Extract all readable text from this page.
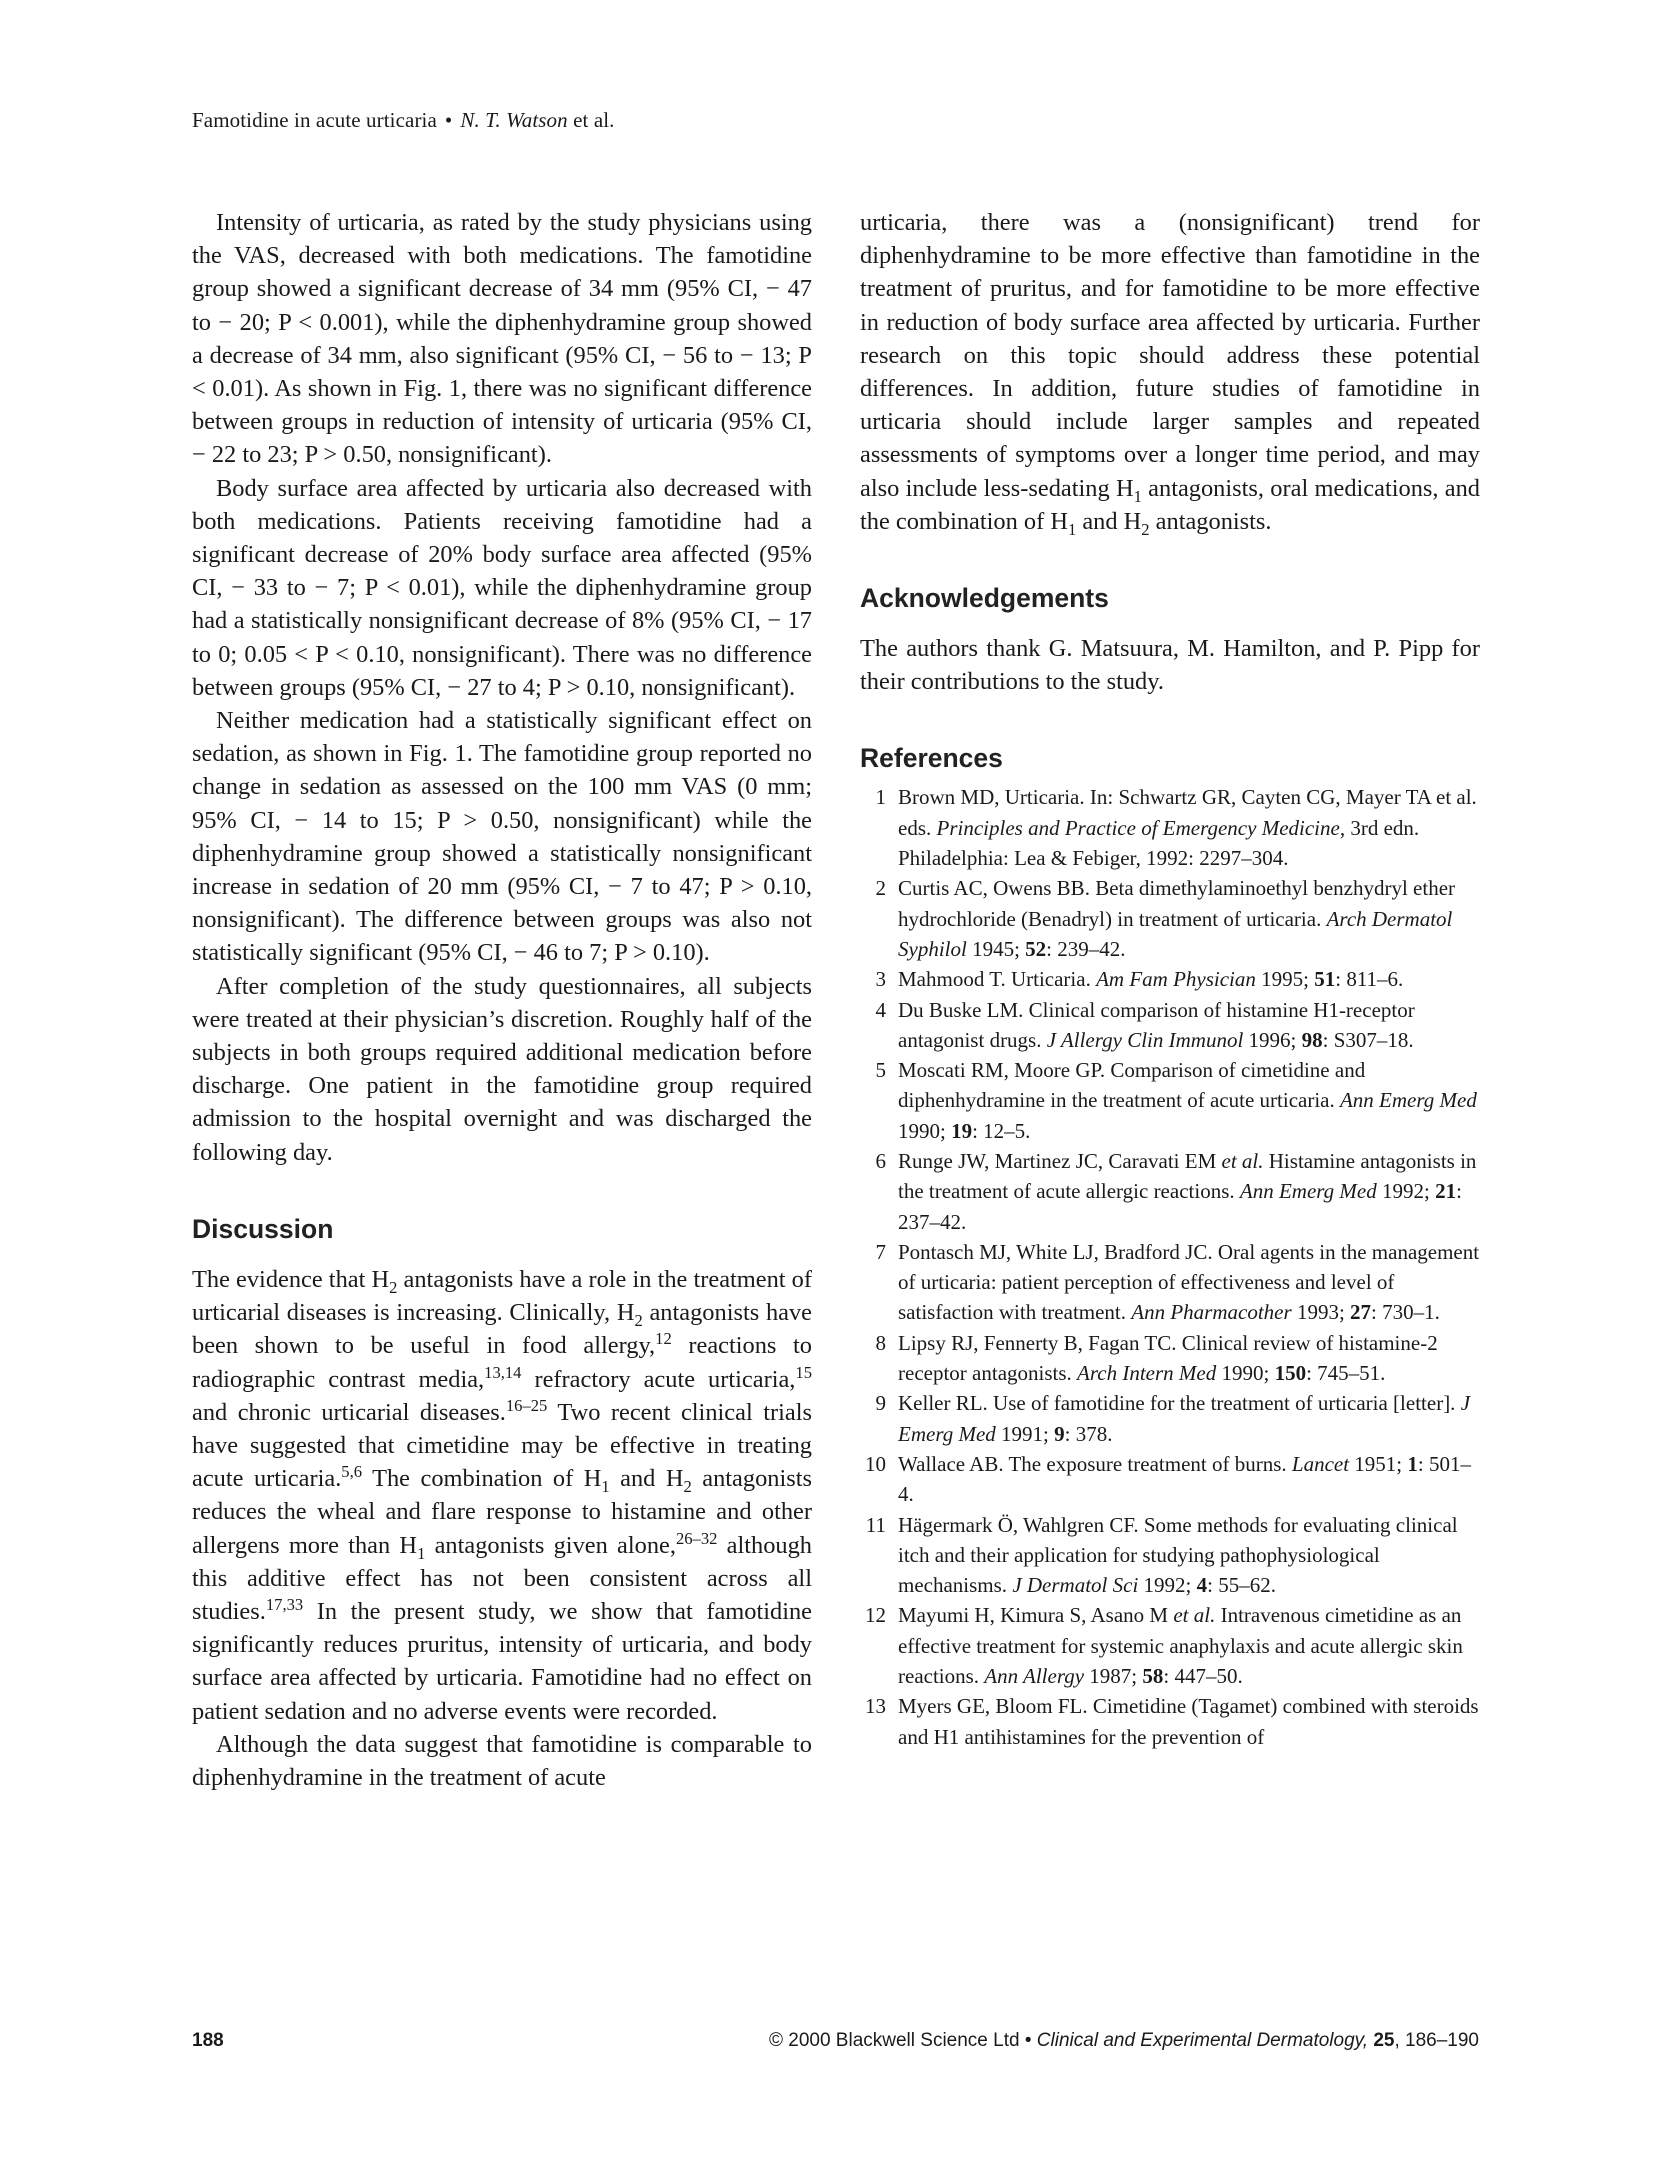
Famotidine in acute urticaria • N. T. Watson et al.

Intensity of urticaria, as rated by the study physicians using the VAS, decreased with both medications. The famotidine group showed a significant decrease of 34 mm (95% CI, − 47 to − 20; P < 0.001), while the diphenhydramine group showed a decrease of 34 mm, also significant (95% CI, − 56 to − 13; P < 0.01). As shown in Fig. 1, there was no significant difference between groups in reduction of intensity of urticaria (95% CI, − 22 to 23; P > 0.50, nonsignificant).

Body surface area affected by urticaria also decreased with both medications. Patients receiving famotidine had a significant decrease of 20% body surface area affected (95% CI, − 33 to − 7; P < 0.01), while the diphenhydramine group had a statistically nonsignificant decrease of 8% (95% CI, − 17 to 0; 0.05 < P < 0.10, nonsignificant). There was no difference between groups (95% CI, − 27 to 4; P > 0.10, nonsignificant).

Neither medication had a statistically significant effect on sedation, as shown in Fig. 1. The famotidine group reported no change in sedation as assessed on the 100 mm VAS (0 mm; 95% CI, − 14 to 15; P > 0.50, nonsignificant) while the diphenhydramine group showed a statistically nonsignificant increase in sedation of 20 mm (95% CI, − 7 to 47; P > 0.10, nonsignificant). The difference between groups was also not statistically significant (95% CI, − 46 to 7; P > 0.10).

After completion of the study questionnaires, all subjects were treated at their physician’s discretion. Roughly half of the subjects in both groups required additional medication before discharge. One patient in the famotidine group required admission to the hospital overnight and was discharged the following day.

Discussion

The evidence that $H_2$ antagonists have a role in the treatment of urticarial diseases is increasing. Clinically, $H_2$ antagonists have been shown to be useful in food allergy,$^{12}$ reactions to radiographic contrast media,$^{13,14}$ refractory acute urticaria,$^{15}$ and chronic urticarial diseases.$^{16-25}$ Two recent clinical trials have suggested that cimetidine may be effective in treating acute urticaria.$^{5,6}$ The combination of $H_1$ and $H_2$ antagonists reduces the wheal and flare response to histamine and other allergens more than $H_1$ antagonists given alone,$^{26-32}$ although this additive effect has not been consistent across all studies.$^{17,33}$ In the present study, we show that famotidine significantly reduces pruritus, intensity of urticaria, and body surface area affected by urticaria. Famotidine had no effect on patient sedation and no adverse events were recorded.

Although the data suggest that famotidine is comparable to diphenhydramine in the treatment of acute

urticaria, there was a (nonsignificant) trend for diphenhydramine to be more effective than famotidine in the treatment of pruritus, and for famotidine to be more effective in reduction of body surface area affected by urticaria. Further research on this topic should address these potential differences. In addition, future studies of famotidine in urticaria should include larger samples and repeated assessments of symptoms over a longer time period, and may also include less-sedating $H_1$ antagonists, oral medications, and the combination of $H_1$ and $H_2$ antagonists.

Acknowledgements

The authors thank G. Matsuura, M. Hamilton, and P. Pipp for their contributions to the study.

References
1 Brown MD, Urticaria. In: Schwartz GR, Cayten CG, Mayer TA et al. eds. Principles and Practice of Emergency Medicine, 3rd edn. Philadelphia: Lea & Febiger, 1992: 2297–304.
2 Curtis AC, Owens BB. Beta dimethylaminoethyl benzhydryl ether hydrochloride (Benadryl) in treatment of urticaria. Arch Dermatol Syphilol 1945; 52: 239–42.
3 Mahmood T. Urticaria. Am Fam Physician 1995; 51: 811–6.
4 Du Buske LM. Clinical comparison of histamine H1-receptor antagonist drugs. J Allergy Clin Immunol 1996; 98: S307–18.
5 Moscati RM, Moore GP. Comparison of cimetidine and diphenhydramine in the treatment of acute urticaria. Ann Emerg Med 1990; 19: 12–5.
6 Runge JW, Martinez JC, Caravati EM et al. Histamine antagonists in the treatment of acute allergic reactions. Ann Emerg Med 1992; 21: 237–42.
7 Pontasch MJ, White LJ, Bradford JC. Oral agents in the management of urticaria: patient perception of effectiveness and level of satisfaction with treatment. Ann Pharmacother 1993; 27: 730–1.
8 Lipsy RJ, Fennerty B, Fagan TC. Clinical review of histamine-2 receptor antagonists. Arch Intern Med 1990; 150: 745–51.
9 Keller RL. Use of famotidine for the treatment of urticaria [letter]. J Emerg Med 1991; 9: 378.
10 Wallace AB. The exposure treatment of burns. Lancet 1951; 1: 501–4.
11 Hägermark Ö, Wahlgren CF. Some methods for evaluating clinical itch and their application for studying pathophysiological mechanisms. J Dermatol Sci 1992; 4: 55–62.
12 Mayumi H, Kimura S, Asano M et al. Intravenous cimetidine as an effective treatment for systemic anaphylaxis and acute allergic skin reactions. Ann Allergy 1987; 58: 447–50.
13 Myers GE, Bloom FL. Cimetidine (Tagamet) combined with steroids and H1 antihistamines for the prevention of
188	© 2000 Blackwell Science Ltd • Clinical and Experimental Dermatology, 25, 186–190
